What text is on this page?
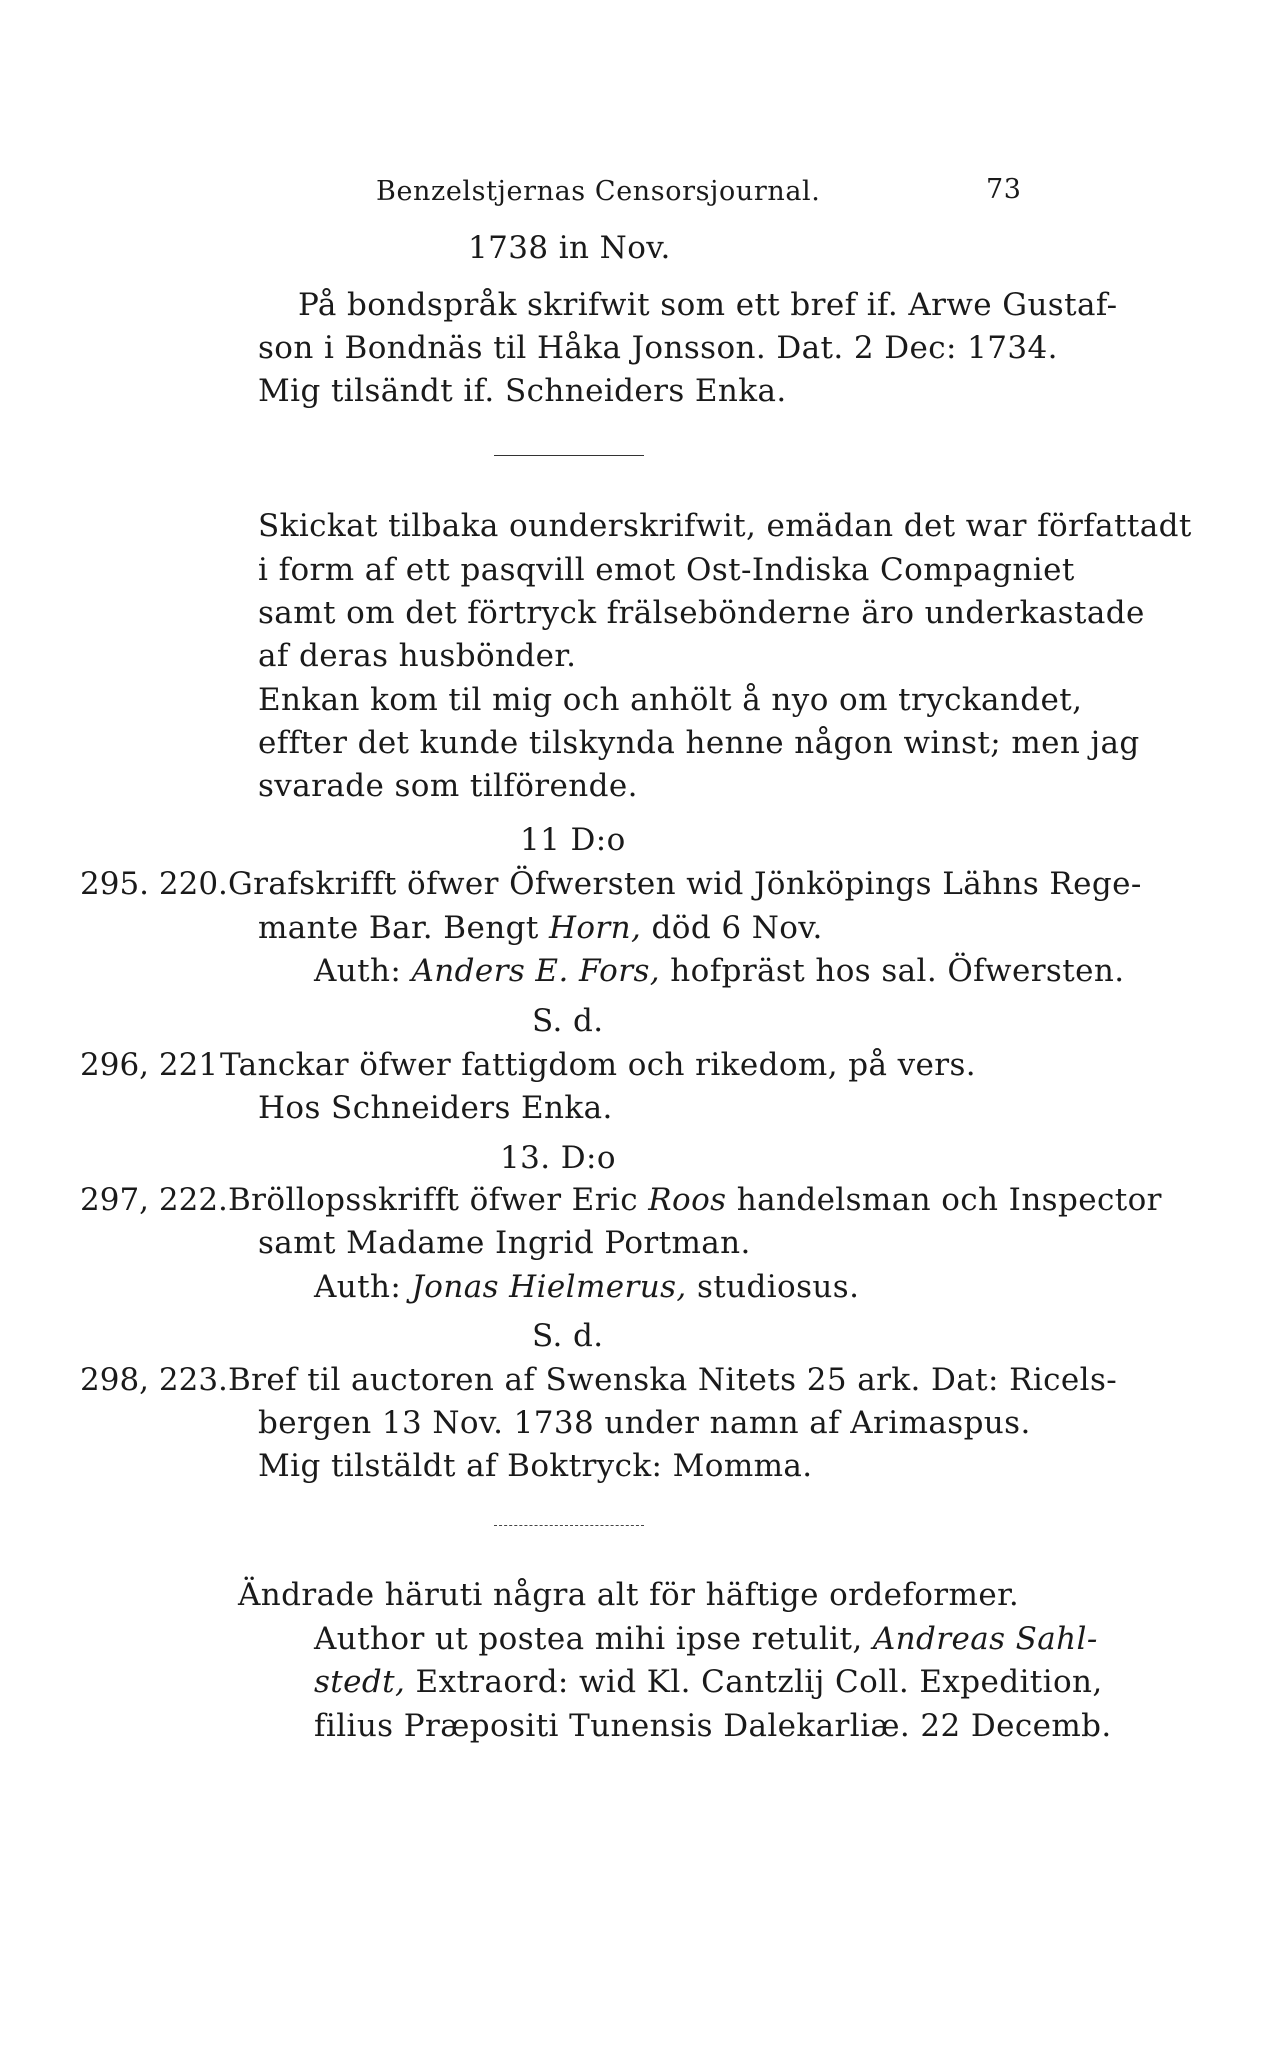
Benzelstjernas Censorsjournal.	73
1738 in Nov.
På bondspråk skrifwit som ett bref if. Arwe Gustaf-
son i Bondnäs til Håka Jonsson. Dat. 2 Dec: 1734.
Mig tilsändt if. Schneiders Enka.
Skickat tilbaka ounderskrifwit, emädan det war författadt
i form af ett pasqvill emot Ost-Indiska Compagniet
samt om det förtryck frälsebönderne äro underkastade
af deras husbönder.
Enkan kom til mig och anhölt å nyo om tryckandet,
effter det kunde tilskynda henne någon winst; men jag
svarade som tilförende.
11 D:o
295. 220. Grafskrifft öfwer Öfwersten wid Jönköpings Lähns Rege-
mante Bar. Bengt Horn, död 6 Nov.
Auth: Anders E. Fors, hofpräst hos sal. Öfwersten.
S. d.
296, 221 Tanckar öfwer fattigdom och rikedom, på vers.
Hos Schneiders Enka.
13. D:o
297, 222. Bröllopsskrifft öfwer Eric Roos handelsman och Inspector
samt Madame Ingrid Portman.
Auth: Jonas Hielmerus, studiosus.
S. d.
298, 223. Bref til auctoren af Swenska Nitets 25 ark. Dat: Ricels-
bergen 13 Nov. 1738 under namn af Arimaspus.
Mig tilstäldt af Boktryck: Momma.
Ändrade häruti några alt för häftige ordeformer.
Author ut postea mihi ipse retulit, Andreas Sahl-
stedt, Extraord: wid Kl. Cantzlij Coll. Expedition,
filius Præpositi Tunensis Dalekarliæ. 22 Decemb.
